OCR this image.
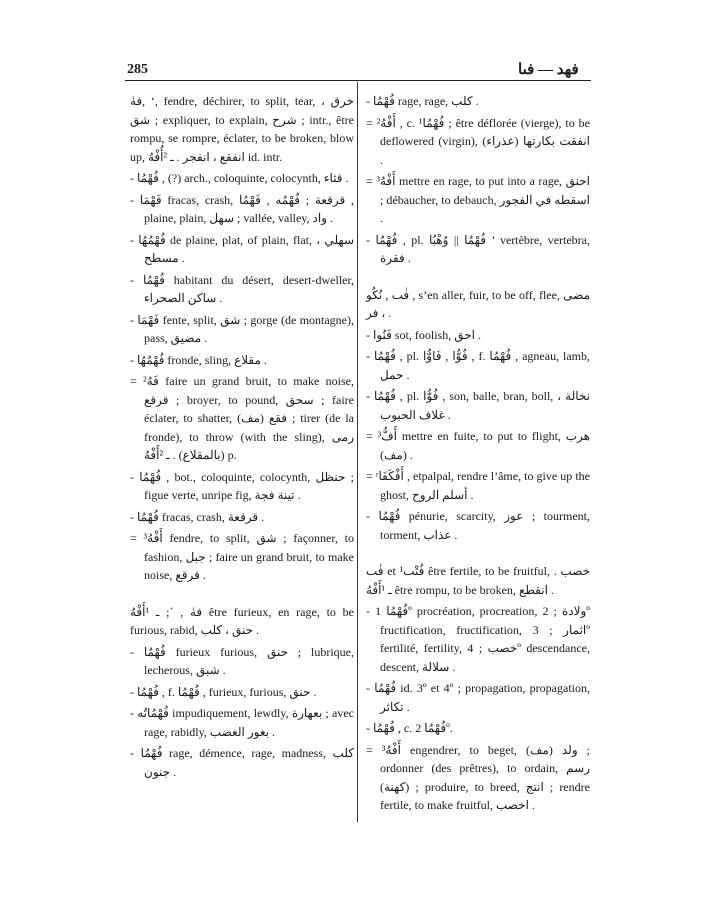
285	فهد — فىا

فهٰ, ‘, fendre, déchirer, to split, tear, خرق ، شق ; expliquer, to explain, شرح ; intr., être rompu, se rompre, éclater, to be broken, blow up, انفقع ، انفجر . ـ ²أُفْهُ id. intr.

- فُهْمُا , (?) arch., coloquinte, colocynth, قثاء .

- فَهْمَا fracas, crash, قرقعة ; فُهْمُه , فَهْمُا , plaine, plain, سهل ; vallée, valley, واد .

- فُهْمُهُا de plaine, plat, of plain, flat, سهلي ، مسطح .

- فُهْمُا habitant du désert, desert-dweller, ساكن الصحراء .

- فَهْمَا fente, split, شق ; gorge (de montagne), pass, مضيق .

- فُهْمُهُا fronde, sling, مقلاع .

= ²فَهُ faire un grand bruit, to make noise, قرقع ; broyer, to pound, سحق ; faire éclater, to shatter, فقع (مف) ; tirer (de la fronde), to throw (with the sling), رمى (بالمقلاع) . ـ ²أَفْهُ p.

- فُهْمُا , bot., coloquinte, colocynth, حنظل ; figue verte, unripe fig, تينة فجة .

- فُهْمُا fracas, crash, قرقعة .

= ³أَفْهُ fendre, to split, شق ; façonner, to fashion, جبل ; faire un grand bruit, to make noise, قرقع .

فهٰ , ´; ـ ¹أَفْهُ être furieux, en rage, to be furious, rabid, حنق ، كلب .

- فُهْمُا furieux furious, حنق ; lubrique, lecherous, شبق .

- فُهْمُا , f. فُهْمُا , furieux, furious, حنق .

- فُهْمُاتُه impudiquement, lewdly, بعهارة ; avec rage, rabidly, بغور الغضب .

- فُهْمُا rage, démence, rage, madness, كلب جنون .

- فُهْمُا rage, rage, كلب .

= ²أَفْهُ , c. ¹فُهْمُا ; être déflorée (vierge), to be deflowered (virgin), انفقت بكارتها (عذراء) .

= ³أَفْهُ mettre en rage, to put into a rage, احنق ; débaucher, to debauch, اسقطه في الفجور .

- فُهْمُا , pl. فُهْمُا || وُهْبُا ’ vertèbre, vertebra, فقرة .

فٰٮ , نُكُو , s’en aller, fuir, to be off, flee, مضى ، فر .

- فَنُوا sot, foolish, احق .

- فُهْمُا , pl. فُوُّا , فَاوُّا , f. فُهْمُا , agneau, lamb, حمل .

- فُهْمُا , pl. فُوُّا , son, balle, bran, boll, نخالة ، غلاف الحبوب .

= ³أَفُّ mettre en fuite, to put to flight, هرب (مف) .

= ʳأَفْكَفَا , etpalpal, rendre l’âme, to give up the ghost, أسلم الروح .

- فُهْمُا pénurie, scarcity, عوز ; tourment, torment, عذاب .

فٰٮ et ¹فُتْٮ être fertile, to be fruitful, خصب . ـ ¹أَفْهُ être rompu, to be broken, انقطع .

- فُهْمُا 1º procréation, procreation, ولادة ; 2º fructification, fructification, اثمار ; 3º fertilité, fertility, خصب ; 4º descendance, descent, سلالة .

- فُهْمُا id. 3º et 4º ; propagation, propagation, تكاثر .

- فُهْمُا , c. فُهْمُا 2º.

= ³أَفْهُ engendrer, to beget, ولد (مف) ; ordonner (des prêtres), to ordain, رسم (كهنة) ; produire, to breed, انتج ; rendre fertile, to make fruitful, اخصب .
